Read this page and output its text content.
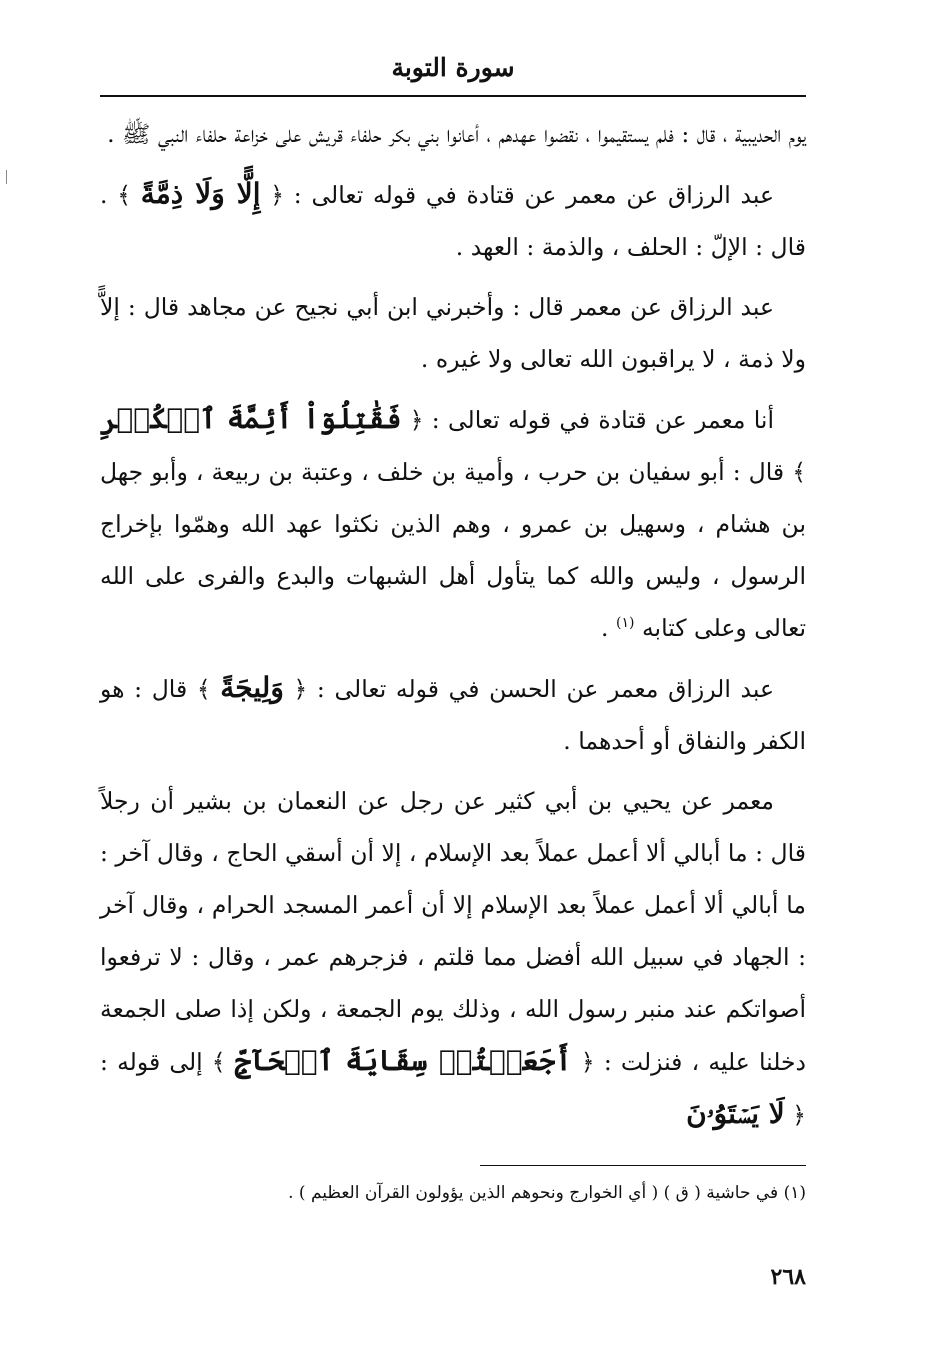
سورة التوبة

يوم الحديبية ، قال : فلم يستقيموا ، نقضوا عهدهم ، أعانوا بني بكر حلفاء قريش على خزاعة حلفاء النبي ﷺ .

عبد الرزاق عن معمر عن قتادة في قوله تعالى : ﴿ إِلًّا وَلَا ذِمَّةً ﴾ . قال : الإلّ : الحلف ، والذمة : العهد .

عبد الرزاق عن معمر قال : وأخبرني ابن أبي نجيح عن مجاهد قال : إلاًّ ولا ذمة ، لا يراقبون الله تعالى ولا غيره .

أنا معمر عن قتادة في قوله تعالى : ﴿ فَقَٰتِلُوٓاْ أَئِمَّةَ ٱلۡكُفۡرِ ﴾ قال : أبو سفيان بن حرب ، وأمية بن خلف ، وعتبة بن ربيعة ، وأبو جهل بن هشام ، وسهيل بن عمرو ، وهم الذين نكثوا عهد الله وهمّوا بإخراج الرسول ، وليس والله كما يتأول أهل الشبهات والبدع والفرى على الله تعالى وعلى كتابه $^{(١)}$ .

عبد الرزاق معمر عن الحسن في قوله تعالى : ﴿ وَلِيجَةً ﴾ قال : هو الكفر والنفاق أو أحدهما .

معمر عن يحيي بن أبي كثير عن رجل عن النعمان بن بشير أن رجلاً قال : ما أبالي ألا أعمل عملاً بعد الإسلام ، إلا أن أسقي الحاج ، وقال آخر : ما أبالي ألا أعمل عملاً بعد الإسلام إلا أن أعمر المسجد الحرام ، وقال آخر : الجهاد في سبيل الله أفضل مما قلتم ، فزجرهم عمر ، وقال : لا ترفعوا أصواتكم عند منبر رسول الله ، وذلك يوم الجمعة ، ولكن إذا صلى الجمعة دخلنا عليه ، فنزلت : ﴿ أَجَعَلۡتُمۡ سِقَايَةَ ٱلۡحَآجِّ ﴾ إلى قوله : ﴿ لَا يَسۡتَوُۥنَ

(١) في حاشية ( ق ) ( أي الخوارج ونحوهم الذين يؤولون القرآن العظيم ) .
٢٦٨
